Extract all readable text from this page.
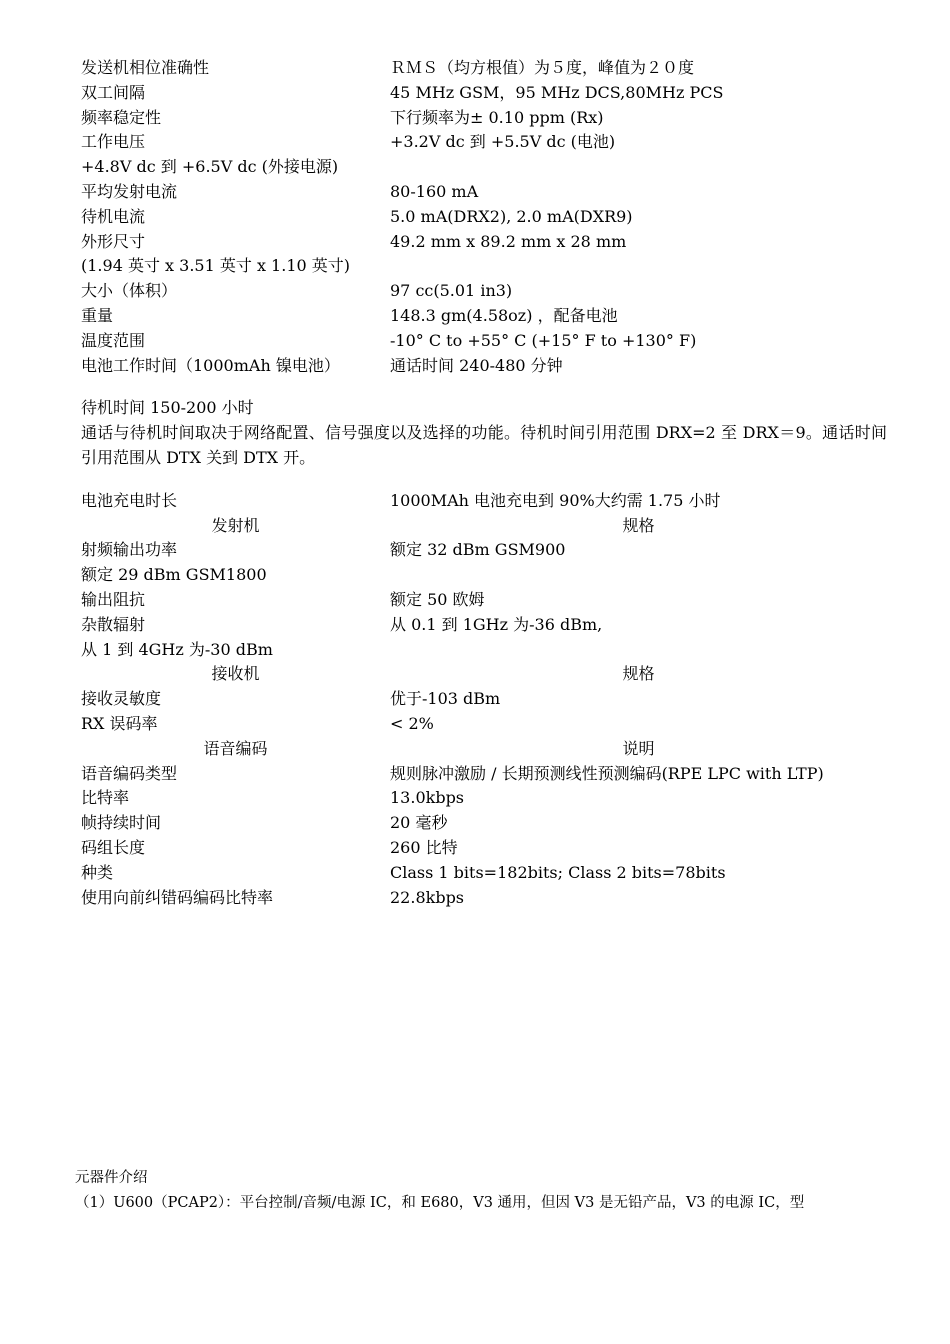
发送机相位准确性	ＲＭＳ（均方根值）为５度，峰值为２０度
双工间隔	45 MHz GSM，95 MHz DCS,80MHz PCS
频率稳定性	下行频率为± 0.10 ppm (Rx)
工作电压	+3.2V dc 到 +5.5V dc (电池)
+4.8V dc 到 +6.5V dc (外接电源)
平均发射电流	80-160 mA
待机电流	5.0 mA(DRX2), 2.0 mA(DXR9)
外形尺寸	49.2 mm x 89.2 mm x 28 mm
(1.94 英寸 x 3.51 英寸 x 1.10 英寸)
大小（体积）	97 cc(5.01 in3)
重量	148.3 gm(4.58oz) ，配备电池
温度范围	-10° C to +55° C (+15° F to +130° F)
电池工作时间（1000mAh 镍电池）	通话时间 240-480 分钟
待机时间 150-200 小时
通话与待机时间取决于网络配置、信号强度以及选择的功能。待机时间引用范围 DRX=2 至 DRX＝9。通话时间引用范围从 DTX 关到 DTX 开。
电池充电时长	1000MAh 电池充电到 90%大约需 1.75 小时
发射机	规格
射频输出功率	额定 32 dBm GSM900
额定 29 dBm GSM1800
输出阻抗	额定 50 欧姆
杂散辐射	从 0.1 到 1GHz 为-36 dBm,
从 1 到 4GHz 为-30 dBm
接收机	规格
接收灵敏度	优于-103 dBm
RX 误码率	< 2%
语音编码	说明
语音编码类型	规则脉冲激励 / 长期预测线性预测编码(RPE LPC with LTP)
比特率	13.0kbps
帧持续时间	20 毫秒
码组长度	260 比特
种类	Class 1 bits=182bits; Class 2 bits=78bits
使用向前纠错码编码比特率	22.8kbps
元器件介绍
（1）U600（PCAP2）：平台控制/音频/电源 IC，和 E680，V3 通用，但因 V3 是无铅产品，V3 的电源 IC，型
